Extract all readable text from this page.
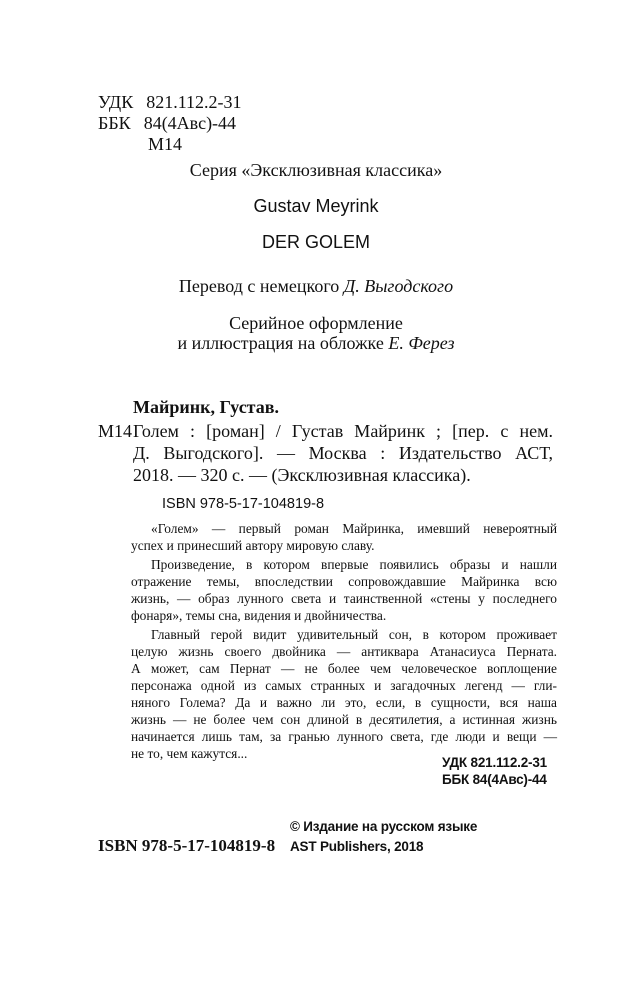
УДК 821.112.2-31
ББК 84(4Авс)-44
М14
Серия «Эксклюзивная классика»
Gustav Meyrink
DER GOLEM
Перевод с немецкого Д. Выгодского
Серийное оформление
и иллюстрация на обложке Е. Ферез
Майринк, Густав.
М14 Голем : [роман] / Густав Майринк ; [пер. с нем.
Д. Выгодского]. — Москва : Издательство АСТ,
2018. — 320 с. — (Эксклюзивная классика).
ISBN 978-5-17-104819-8
«Голем» — первый роман Майринка, имевший невероятный
успех и принесший автору мировую славу.
Произведение, в котором впервые появились образы и нашли
отражение темы, впоследствии сопровождавшие Майринка всю
жизнь, — образ лунного света и таинственной «стены у последнего
фонаря», темы сна, видения и двойничества.
Главный герой видит удивительный сон, в котором проживает
целую жизнь своего двойника — антиквара Атанасиуса Перната.
А может, сам Пернат — не более чем человеческое воплощение
персонажа одной из самых странных и загадочных легенд — гли-
няного Голема? Да и важно ли это, если, в сущности, вся наша
жизнь — не более чем сон длиной в десятилетия, а истинная жизнь
начинается лишь там, за гранью лунного света, где люди и вещи —
не то, чем кажутся...
УДК 821.112.2-31
ББК 84(4Авс)-44
© Издание на русском языке
ISBN 978-5-17-104819-8 AST Publishers, 2018
